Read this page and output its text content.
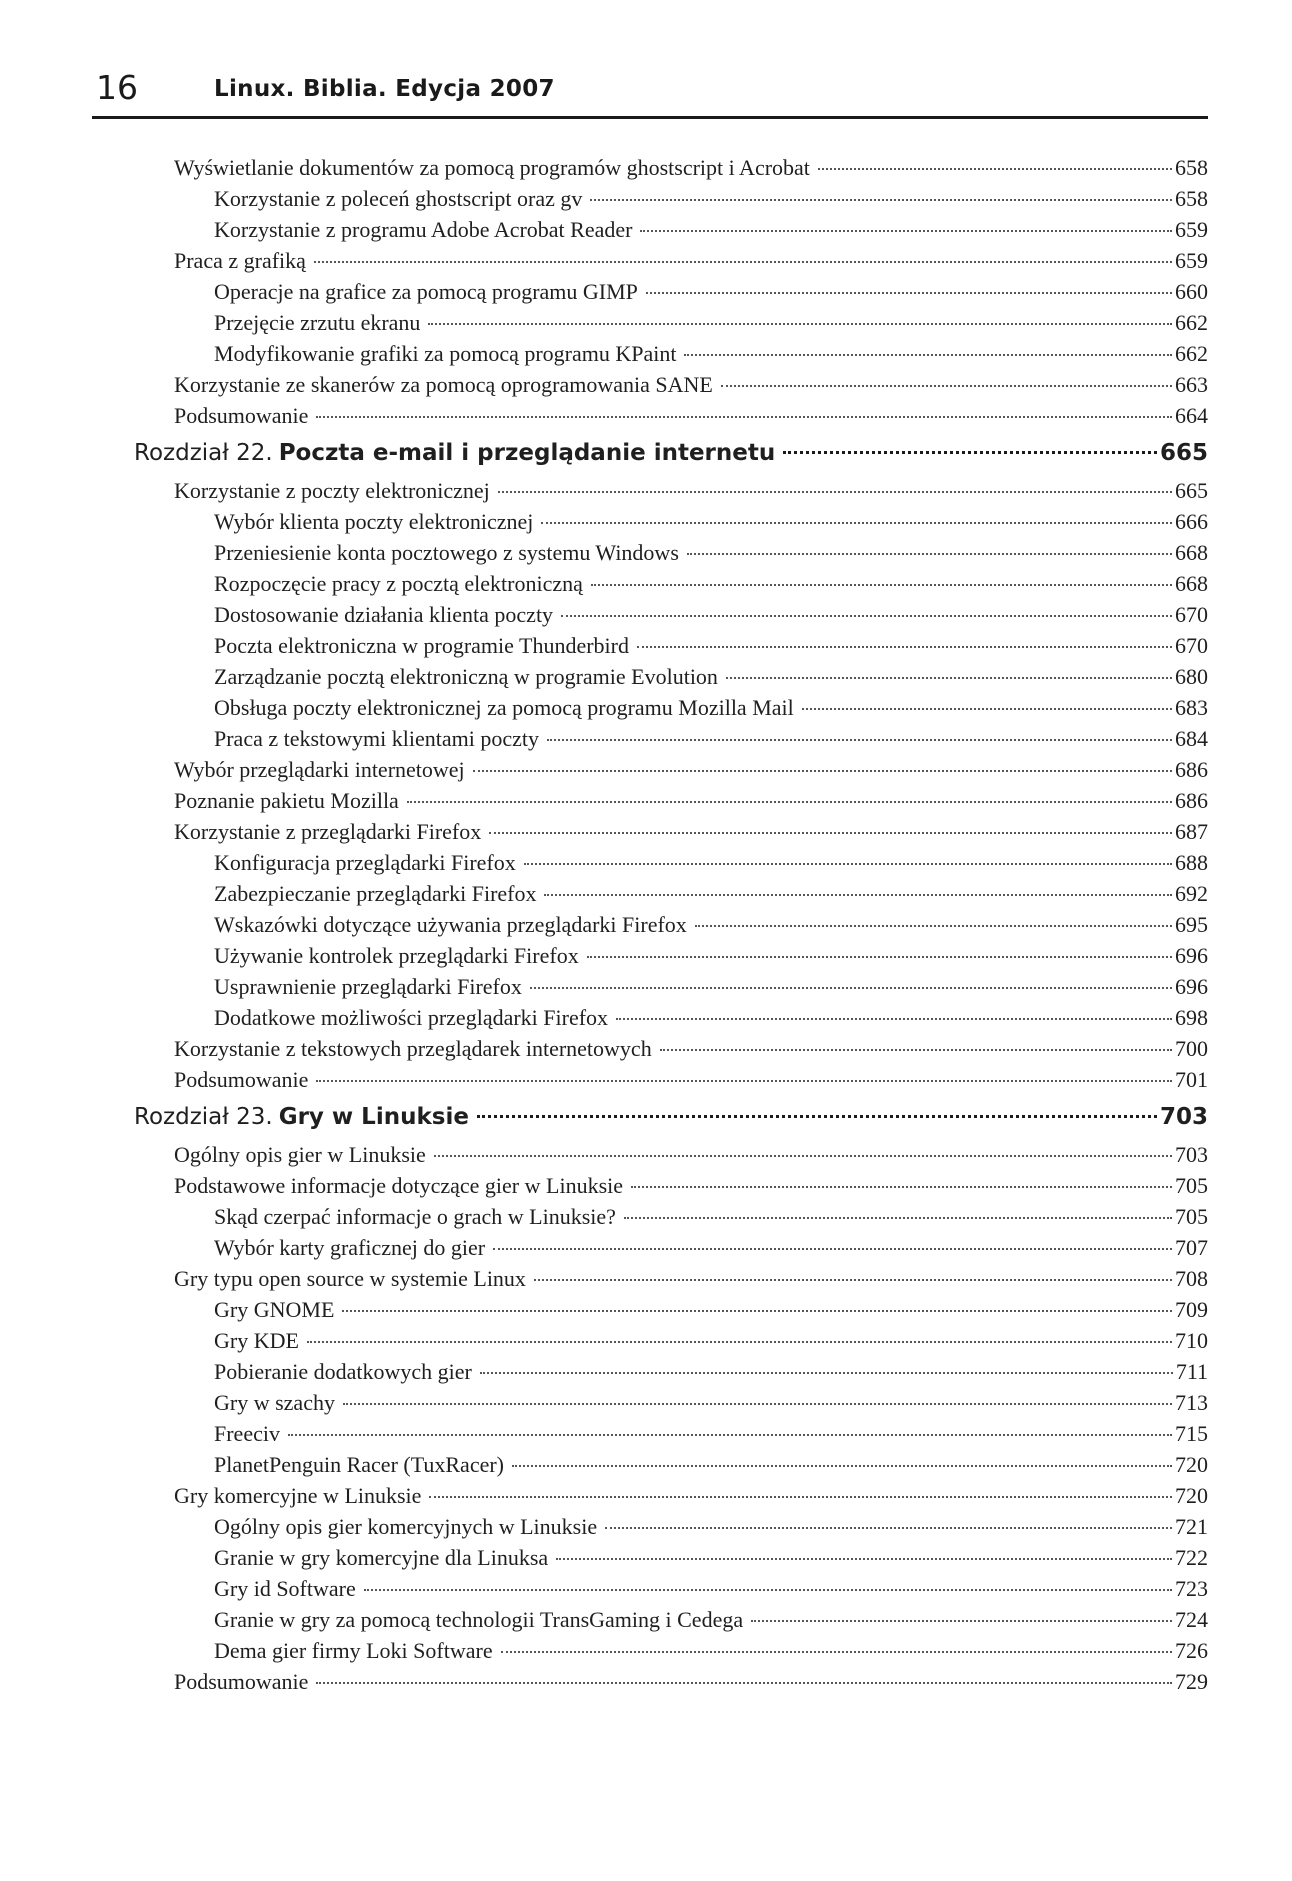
16	Linux. Biblia. Edycja 2007
Wyświetlanie dokumentów za pomocą programów ghostscript i Acrobat	658
Korzystanie z poleceń ghostscript oraz gv	658
Korzystanie z programu Adobe Acrobat Reader	659
Praca z grafiką	659
Operacje na grafice za pomocą programu GIMP	660
Przejęcie zrzutu ekranu	662
Modyfikowanie grafiki za pomocą programu KPaint	662
Korzystanie ze skanerów za pomocą oprogramowania SANE	663
Podsumowanie	664
Rozdział 22. Poczta e-mail i przeglądanie internetu	665
Korzystanie z poczty elektronicznej	665
Wybór klienta poczty elektronicznej	666
Przeniesienie konta pocztowego z systemu Windows	668
Rozpoczęcie pracy z pocztą elektroniczną	668
Dostosowanie działania klienta poczty	670
Poczta elektroniczna w programie Thunderbird	670
Zarządzanie pocztą elektroniczną w programie Evolution	680
Obsługa poczty elektronicznej za pomocą programu Mozilla Mail	683
Praca z tekstowymi klientami poczty	684
Wybór przeglądarki internetowej	686
Poznanie pakietu Mozilla	686
Korzystanie z przeglądarki Firefox	687
Konfiguracja przeglądarki Firefox	688
Zabezpieczanie przeglądarki Firefox	692
Wskazówki dotyczące używania przeglądarki Firefox	695
Używanie kontrolek przeglądarki Firefox	696
Usprawnienie przeglądarki Firefox	696
Dodatkowe możliwości przeglądarki Firefox	698
Korzystanie z tekstowych przeglądarek internetowych	700
Podsumowanie	701
Rozdział 23. Gry w Linuksie	703
Ogólny opis gier w Linuksie	703
Podstawowe informacje dotyczące gier w Linuksie	705
Skąd czerpać informacje o grach w Linuksie?	705
Wybór karty graficznej do gier	707
Gry typu open source w systemie Linux	708
Gry GNOME	709
Gry KDE	710
Pobieranie dodatkowych gier	711
Gry w szachy	713
Freeciv	715
PlanetPenguin Racer (TuxRacer)	720
Gry komercyjne w Linuksie	720
Ogólny opis gier komercyjnych w Linuksie	721
Granie w gry komercyjne dla Linuksa	722
Gry id Software	723
Granie w gry za pomocą technologii TransGaming i Cedega	724
Dema gier firmy Loki Software	726
Podsumowanie	729
